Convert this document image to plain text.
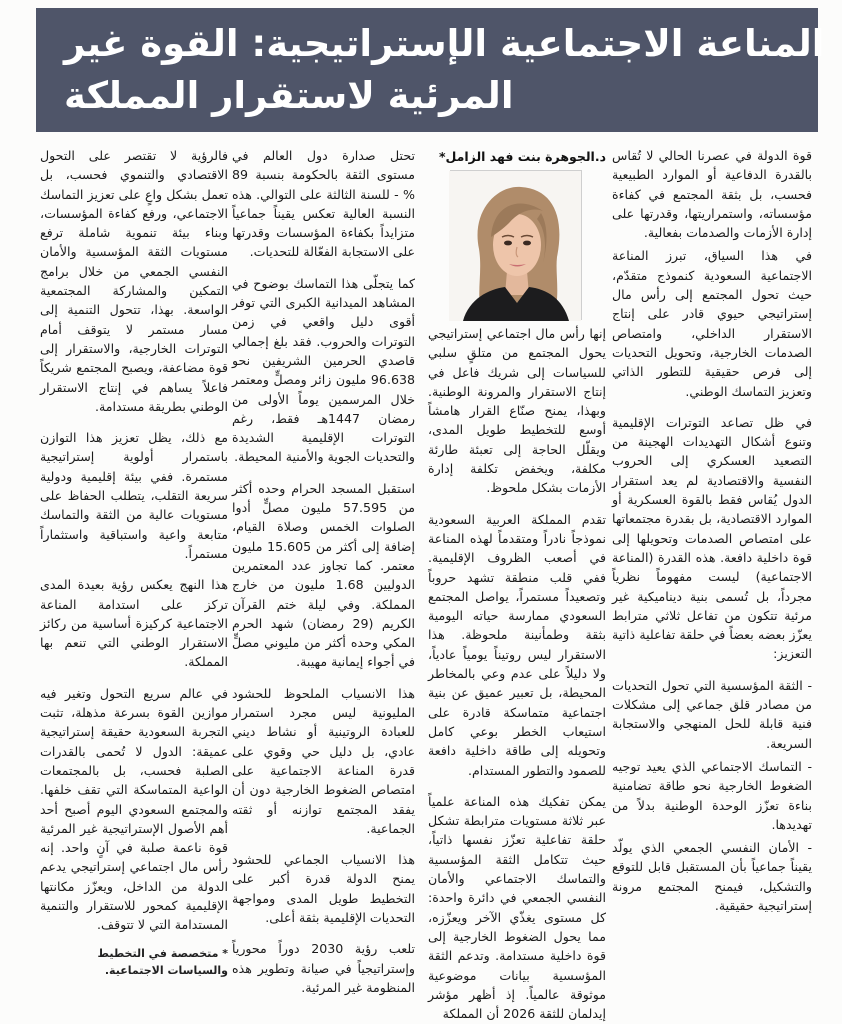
المناعة الاجتماعية الإستراتيجية: القوة غير
المرئية لاستقرار المملكة

قوة الدولة في عصرنا الحالي لا تُقاس بالقدرة الدفاعية أو الموارد الطبيعية فحسب، بل بثقة المجتمع في كفاءة مؤسساته، واستمراريتها، وقدرتها على إدارة الأزمات والصدمات بفعالية.

في هذا السياق، تبرز المناعة الاجتماعية السعودية كنموذج متقدّم، حيث تحول المجتمع إلى رأس مال إستراتيجي حيوي قادر على إنتاج الاستقرار الداخلي، وامتصاص الصدمات الخارجية، وتحويل التحديات إلى فرص حقيقية للتطور الذاتي وتعزيز التماسك الوطني.

في ظل تصاعد التوترات الإقليمية وتنوع أشكال التهديدات الهجينة من التصعيد العسكري إلى الحروب النفسية والاقتصادية لم يعد استقرار الدول يُقاس فقط بالقوة العسكرية أو الموارد الاقتصادية، بل بقدرة مجتمعاتها على امتصاص الصدمات وتحويلها إلى قوة داخلية دافعة. هذه القدرة (المناعة الاجتماعية) ليست مفهوماً نظرياً مجرداً، بل تُسمى بنية ديناميكية غير مرئية تتكون من تفاعل ثلاثي مترابط يعزّز بعضه بعضاً في حلقة تفاعلية ذاتية التعزيز:

- الثقة المؤسسية التي تحول التحديات من مصادر قلق جماعي إلى مشكلات فنية قابلة للحل المنهجي والاستجابة السريعة.

- التماسك الاجتماعي الذي يعيد توجيه الضغوط الخارجية نحو طاقة تضامنية بناءة تعزّز الوحدة الوطنية بدلاً من تهديدها.

- الأمان النفسي الجمعي الذي يولّد يقيناً جماعياً بأن المستقبل قابل للتوقع والتشكيل، فيمنح المجتمع مرونة إستراتيجية حقيقية.

د.الجوهرة بنت فهد الزامل*

إنها رأس مال اجتماعي إستراتيجي يحول المجتمع من متلقٍ سلبي للسياسات إلى شريك فاعل في إنتاج الاستقرار والمرونة الوطنية. وبهذا، يمنح صنّاع القرار هامشاً أوسع للتخطيط طويل المدى، ويقلّل الحاجة إلى تعبئة طارئة مكلفة، ويخفض تكلفة إدارة الأزمات بشكل ملحوظ.

تقدم المملكة العربية السعودية نموذجاً نادراً ومتقدماً لهذه المناعة في أصعب الظروف الإقليمية. ففي قلب منطقة تشهد حروباً وتصعيداً مستمراً، يواصل المجتمع السعودي ممارسة حياته اليومية بثقة وطمأنينة ملحوظة. هذا الاستقرار ليس روتيناً يومياً عادياً، ولا دليلاً على عدم وعي بالمخاطر المحيطة، بل تعبير عميق عن بنية اجتماعية متماسكة قادرة على استيعاب الخطر بوعي كامل وتحويله إلى طاقة داخلية دافعة للصمود والتطور المستدام.

يمكن تفكيك هذه المناعة علمياً عبر ثلاثة مستويات مترابطة تشكل حلقة تفاعلية تعزّز نفسها ذاتياً، حيث تتكامل الثقة المؤسسية والتماسك الاجتماعي والأمان النفسي الجمعي في دائرة واحدة: كل مستوى يغذّي الآخر ويعزّزه، مما يحول الضغوط الخارجية إلى قوة داخلية مستدامة. وتدعم الثقة المؤسسية بيانات موضوعية موثوقة عالمياً. إذ أظهر مؤشر إيدلمان للثقة 2026 أن المملكة

تحتل صدارة دول العالم في مستوى الثقة بالحكومة بنسبة 89 % - للسنة الثالثة على التوالي. هذه النسبة العالية تعكس يقيناً جماعياً متزايداً بكفاءة المؤسسات وقدرتها على الاستجابة الفعّالة للتحديات.

كما يتجلّى هذا التماسك بوضوح في المشاهد الميدانية الكبرى التي توفر أقوى دليل واقعي في زمن التوترات والحروب. فقد بلغ إجمالي قاصدي الحرمين الشريفين نحو 96.638 مليون زائر ومصلٍّ ومعتمر خلال المرسمين يوماً الأولى من رمضان 1447هـ فقط، رغم التوترات الإقليمية الشديدة والتحديات الجوية والأمنية المحيطة.

استقبل المسجد الحرام وحده أكثر من 57.595 مليون مصلٍّ أدوا الصلوات الخمس وصلاة القيام، إضافة إلى أكثر من 15.605 مليون معتمر. كما تجاوز عدد المعتمرين الدوليين 1.68 مليون من خارج المملكة. وفي ليلة ختم القرآن الكريم (29 رمضان) شهد الحرم المكي وحده أكثر من مليوني مصلٍّ في أجواء إيمانية مهيبة.

هذا الانسياب الملحوظ للحشود المليونية ليس مجرد استمرار للعبادة الروتينية أو نشاط ديني عادي، بل دليل حي وقوي على قدرة المناعة الاجتماعية على امتصاص الضغوط الخارجية دون أن يفقد المجتمع توازنه أو ثقته الجماعية.

هذا الانسياب الجماعي للحشود يمنح الدولة قدرة أكبر على التخطيط طويل المدى ومواجهة التحديات الإقليمية بثقة أعلى.

تلعب رؤية 2030 دوراً محورياً وإستراتيجياً في صيانة وتطوير هذه المنظومة غير المرئية.

فالرؤية لا تقتصر على التحول الاقتصادي والتنموي فحسب، بل تعمل بشكل واعٍ على تعزيز التماسك الاجتماعي، ورفع كفاءة المؤسسات، وبناء بيئة تنموية شاملة ترفع مستويات الثقة المؤسسية والأمان النفسي الجمعي من خلال برامج التمكين والمشاركة المجتمعية الواسعة. بهذا، تتحول التنمية إلى مسار مستمر لا يتوقف أمام التوترات الخارجية، والاستقرار إلى قوة مضاعفة، ويصبح المجتمع شريكاً فاعلاً يساهم في إنتاج الاستقرار الوطني بطريقة مستدامة.

مع ذلك، يظل تعزيز هذا التوازن باستمرار أولوية إستراتيجية مستمرة. ففي بيئة إقليمية ودولية سريعة التقلب، يتطلب الحفاظ على مستويات عالية من الثقة والتماسك متابعة واعية واستباقية واستثماراً مستمراً.

هذا النهج يعكس رؤية بعيدة المدى تركز على استدامة المناعة الاجتماعية كركيزة أساسية من ركائز الاستقرار الوطني التي تنعم بها المملكة.

في عالم سريع التحول وتغير فيه موازين القوة بسرعة مذهلة، تثبت التجربة السعودية حقيقة إستراتيجية عميقة: الدول لا تُحمى بالقدرات الصلبة فحسب، بل بالمجتمعات الواعية المتماسكة التي تقف خلفها. والمجتمع السعودي اليوم أصبح أحد أهم الأصول الإستراتيجية غير المرئية قوة ناعمة صلبة في آنٍ واحد. إنه رأس مال اجتماعي إستراتيجي يدعم الدولة من الداخل، ويعزّز مكانتها الإقليمية كمحور للاستقرار والتنمية المستدامة التي لا تتوقف.

* متخصصة في التخطيط والسياسات الاجتماعية.
